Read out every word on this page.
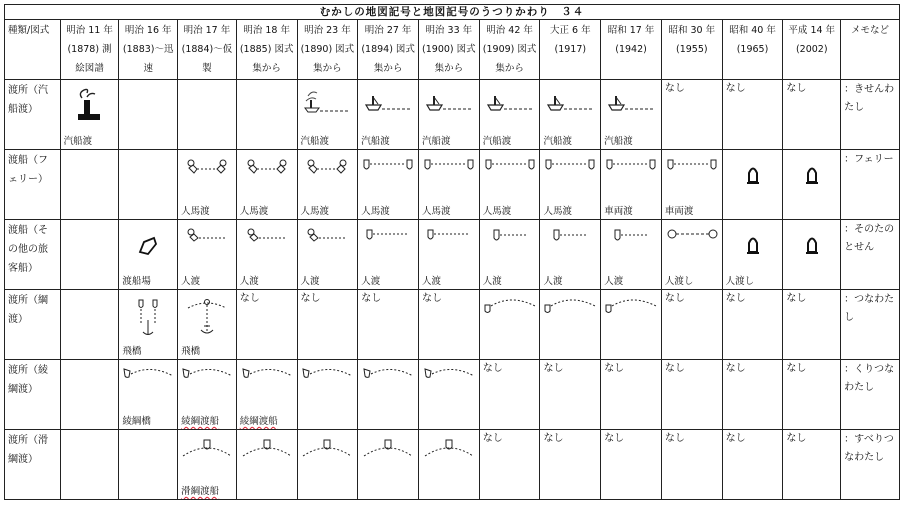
むかしの地図記号と地図記号のうつりかわり　３４														
種類/図式	明治 11 年(1878) 測絵図譜	明治 16 年(1883)～迅速	明治 17 年(1884)～仮製	明治 18 年(1885) 図式集から	明治 23 年(1890) 図式集から	明治 27 年(1894) 図式集から	明治 33 年(1900) 図式集から	明治 42 年(1909) 図式集から	大正 6 年(1917)	昭和 17 年(1942)	昭和 30 年(1955)	昭和 40 年(1965)	平成 14 年(2002)	メモなど

渡所（汽船渡）	汽船渡				汽船渡	汽船渡	汽船渡	汽船渡	汽船渡	汽船渡	なし	なし	なし	：きせんわたし

渡船（フェリー）			人馬渡	人馬渡	人馬渡	人馬渡	人馬渡	人馬渡	人馬渡	車両渡	車両渡			：フェリー

渡船（その他の旅客船）		渡船場	人渡	人渡	人渡	人渡	人渡	人渡	人渡	人渡	人渡し	人渡し		：そのたのとせん

渡所（綱渡）		飛橋	飛橋	なし	なし	なし	なし				なし	なし	なし	：つなわたし

渡所（綾綱渡）		綾綱橋	綾綱渡船	綾綱渡船				なし	なし	なし	なし	なし	なし	：くりつなわたし

渡所（滑綱渡）			滑綱渡船					なし	なし	なし	なし	なし	なし	：すべりつなわたし
